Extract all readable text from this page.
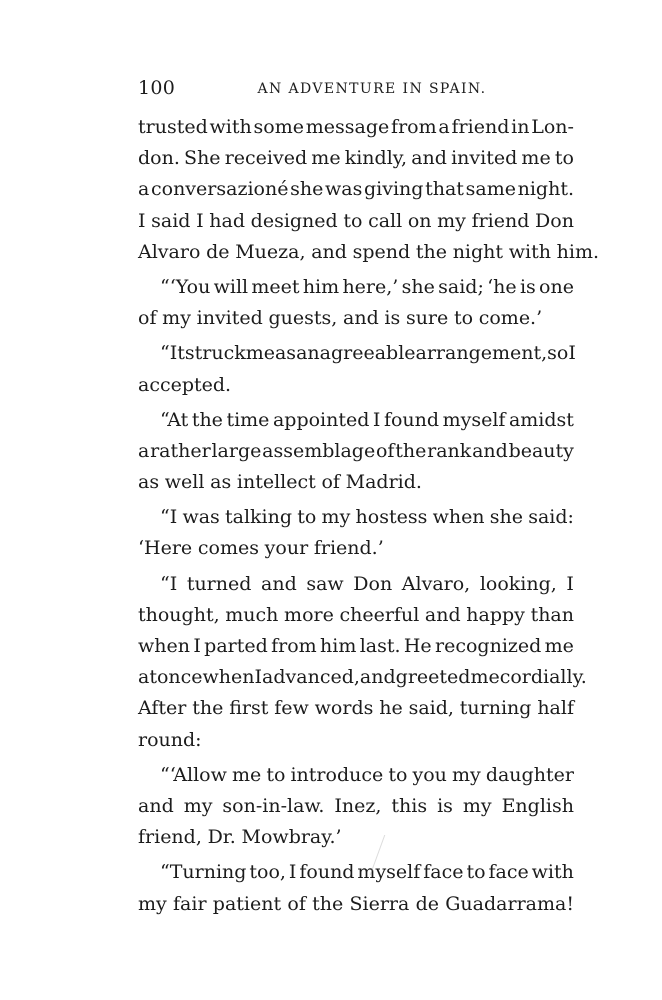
100	AN ADVENTURE IN SPAIN.
trusted with some message from a friend in Lon-
don. She received me kindly, and invited me to
a conversazioné she was giving that same night.
I said I had designed to call on my friend Don
Alvaro de Mueza, and spend the night with him.
“‘You will meet him here,’ she said; ‘he is one
of my invited guests, and is sure to come.’
“It struck me as an agreeable arrangement, so I
accepted.
“At the time appointed I found myself amidst
a rather large assemblage of the rank and beauty
as well as intellect of Madrid.
“I was talking to my hostess when she said:
‘Here comes your friend.’
“I turned and saw Don Alvaro, looking, I
thought, much more cheerful and happy than
when I parted from him last. He recognized me
at once when I advanced, and greeted me cordially.
After the first few words he said, turning half
round:
“‘Allow me to introduce to you my daughter
and my son-in-law. Inez, this is my English
friend, Dr. Mowbray.’
“Turning too, I found myself face to face with
my fair patient of the Sierra de Guadarrama!
